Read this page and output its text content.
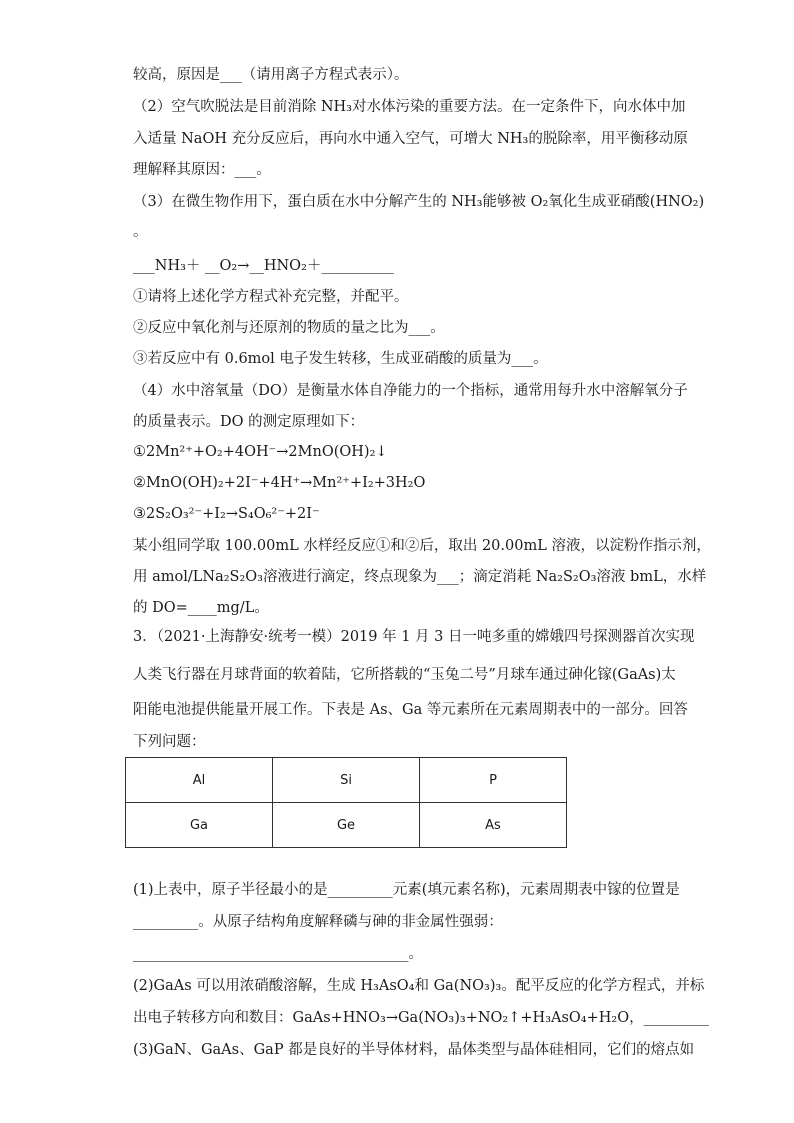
较高，原因是___（请用离子方程式表示）。
（2）空气吹脱法是目前消除 NH₃对水体污染的重要方法。在一定条件下，向水体中加
入适量 NaOH 充分反应后，再向水中通入空气，可增大 NH₃的脱除率，用平衡移动原
理解释其原因：___。
（3）在微生物作用下，蛋白质在水中分解产生的 NH₃能够被 O₂氧化生成亚硝酸(HNO₂)
。
___NH₃＋ __O₂→__HNO₂＋__________
①请将上述化学方程式补充完整，并配平。
②反应中氧化剂与还原剂的物质的量之比为___。
③若反应中有 0.6mol 电子发生转移，生成亚硝酸的质量为___。
（4）水中溶氧量（DO）是衡量水体自净能力的一个指标，通常用每升水中溶解氧分子
的质量表示。DO 的测定原理如下：
①2Mn²⁺+O₂+4OH⁻→2MnO(OH)₂↓
②MnO(OH)₂+2I⁻+4H⁺→Mn²⁺+I₂+3H₂O
③2S₂O₃²⁻+I₂→S₄O₆²⁻+2I⁻
某小组同学取 100.00mL 水样经反应①和②后，取出 20.00mL 溶液，以淀粉作指示剂，
用 amol/LNa₂S₂O₃溶液进行滴定，终点现象为___；滴定消耗 Na₂S₂O₃溶液 bmL，水样
的 DO=____mg/L。
3．（2021·上海静安·统考一模）2019 年 1 月 3 日一吨多重的嫦娥四号探测器首次实现
人类飞行器在月球背面的软着陆，它所搭载的“玉兔二号”月球车通过砷化镓(GaAs)太
阳能电池提供能量开展工作。下表是 As、Ga 等元素所在元素周期表中的一部分。回答
下列问题：
Al	Si	P
Ga	Ge	As
(1)上表中，原子半径最小的是_________元素(填元素名称)，元素周期表中镓的位置是
_________。从原子结构角度解释磷与砷的非金属性强弱：
______________________________________。
(2)GaAs 可以用浓硝酸溶解，生成 H₃AsO₄和 Ga(NO₃)₃。配平反应的化学方程式，并标
出电子转移方向和数目：GaAs+HNO₃→Ga(NO₃)₃+NO₂↑+H₃AsO₄+H₂O，_________
(3)GaN、GaAs、GaP 都是良好的半导体材料，晶体类型与晶体硅相同，它们的熔点如
